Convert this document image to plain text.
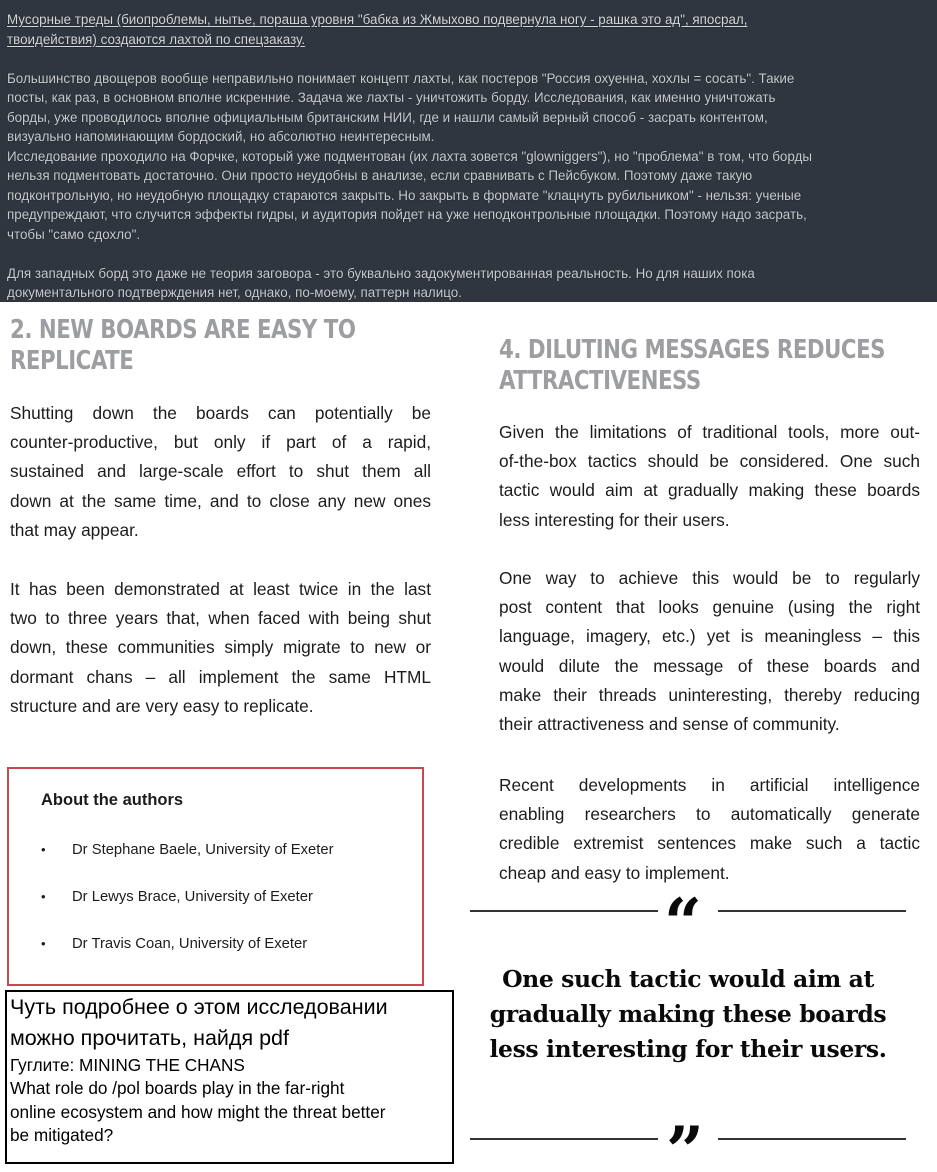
Мусорные треды (биопроблемы, нытье, пораша уровня "бабка из Жмыхово подвернула ногу - рашка это ад", япосрал,
твоидействия) создаются лахтой по спецзаказу.
Большинство двощеров вообще неправильно понимает концепт лахты, как постеров "Россия охуенна, хохлы = сосать". Такие
посты, как раз, в основном вполне искренние. Задача же лахты - уничтожить борду. Исследования, как именно уничтожать
борды, уже проводилось вполне официальным британским НИИ, где и нашли самый верный способ - засрать контентом,
визуально напоминающим бордоский, но абсолютно неинтересным.
Исследование проходило на Форчке, который уже подментован (их лахта зовется "glowniggers"), но "проблема" в том, что борды
нельзя подментовать достаточно. Они просто неудобны в анализе, если сравнивать с Пейсбуком. Поэтому даже такую
подконтрольную, но неудобную площадку стараются закрыть. Но закрыть в формате "клацнуть рубильником" - нельзя: ученые
предупреждают, что случится эффекты гидры, и аудитория пойдет на уже неподконтрольные площадки. Поэтому надо засрать,
чтобы "само сдохло".
Для западных борд это даже не теория заговора - это буквально задокументированная реальность. Но для наших пока
документального подтверждения нет, однако, по-моему, паттерн налицо.
2. NEW BOARDS ARE EASY TO
REPLICATE
Shutting down the boards can potentially be
counter-productive, but only if part of a rapid,
sustained and large-scale effort to shut them all
down at the same time, and to close any new ones
that may appear.
It has been demonstrated at least twice in the last
two to three years that, when faced with being shut
down, these communities simply migrate to new or
dormant chans – all implement the same HTML
structure and are very easy to replicate.
About the authors
• Dr Stephane Baele, University of Exeter
• Dr Lewys Brace, University of Exeter
• Dr Travis Coan, University of Exeter
Чуть подробнее о этом исследовании
можно прочитать, найдя pdf
Гуглите: MINING THE CHANS
What role do /pol boards play in the far-right
online ecosystem and how might the threat better
be mitigated?
4. DILUTING MESSAGES REDUCES
ATTRACTIVENESS
Given the limitations of traditional tools, more out-
of-the-box tactics should be considered. One such
tactic would aim at gradually making these boards
less interesting for their users.
One way to achieve this would be to regularly
post content that looks genuine (using the right
language, imagery, etc.) yet is meaningless – this
would dilute the message of these boards and
make their threads uninteresting, thereby reducing
their attractiveness and sense of community.
Recent developments in artificial intelligence
enabling researchers to automatically generate
credible extremist sentences make such a tactic
cheap and easy to implement.
“
One such tactic would aim at
gradually making these boards
less interesting for their users.
”
